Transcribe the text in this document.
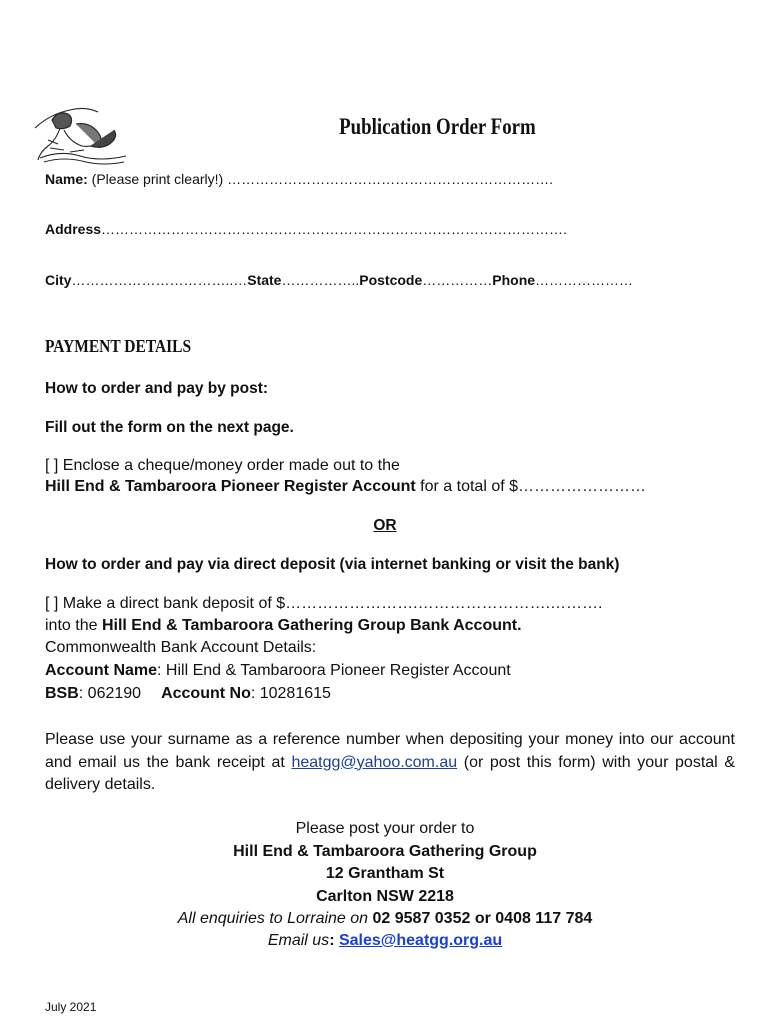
Publication Order Form

Name: (Please print clearly!) …………………………………………………………….

Address……………………………………………………………………………………….

City……………………………..…State……………..Postcode……………Phone…………………

PAYMENT DETAILS

How to order and pay by post:

Fill out the form on the next page.

[ ] Enclose a cheque/money order made out to the

Hill End & Tambaroora Pioneer Register Account for a total of $……………………

OR

How to order and pay via direct deposit (via internet banking or visit the bank)

[ ] Make a direct bank deposit of $…………………….…………………….……….

into the Hill End & Tambaroora Gathering Group Bank Account.

Commonwealth Bank Account Details:

Account Name: Hill End & Tambaroora Pioneer Register Account

BSB: 062190 Account No: 10281615

Please use your surname as a reference number when depositing your money into our account and email us the bank receipt at heatgg@yahoo.com.au (or post this form) with your postal & delivery details.

Please post your order to

Hill End & Tambaroora Gathering Group

12 Grantham St

Carlton NSW 2218

All enquiries to Lorraine on 02 9587 0352 or 0408 117 784

Email us: Sales@heatgg.org.au

July 2021
